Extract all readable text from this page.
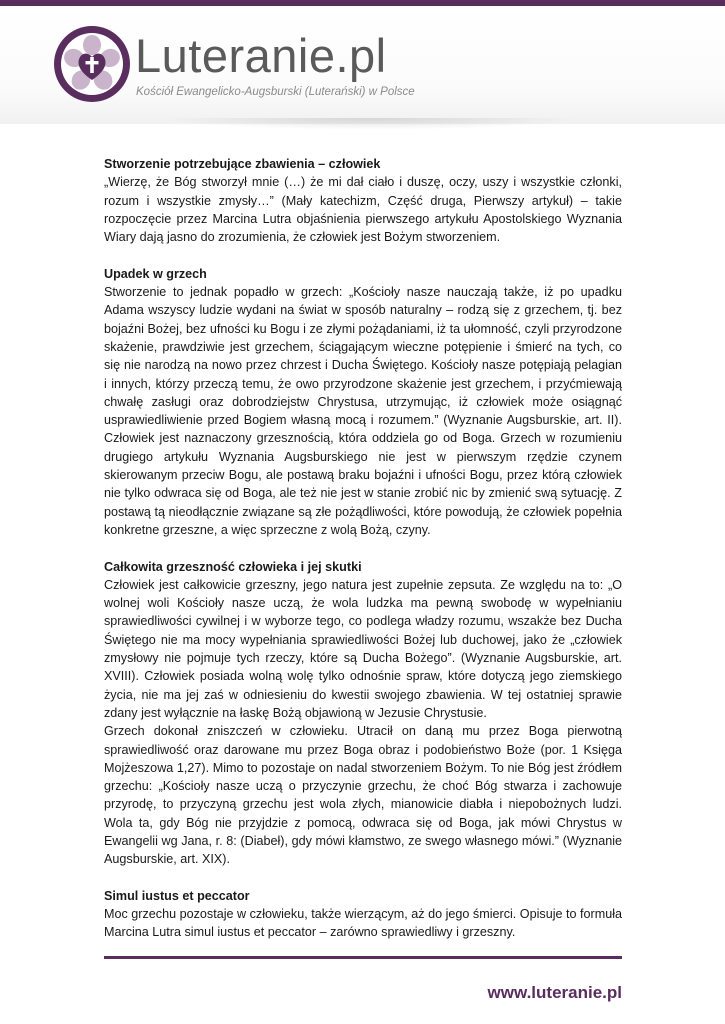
Luteranie.pl
Kościół Ewangelicko-Augsburski (Luterański) w Polsce
Stworzenie potrzebujące zbawienia – człowiek

„Wierzę, że Bóg stworzył mnie (…) że mi dał ciało i duszę, oczy, uszy i wszystkie członki, rozum i wszystkie zmysły…” (Mały katechizm, Część druga, Pierwszy artykuł) – takie rozpoczęcie przez Marcina Lutra objaśnienia pierwszego artykułu Apostolskiego Wyznania Wiary dają jasno do zrozumienia, że człowiek jest Bożym stworzeniem.

Upadek w grzech

Stworzenie to jednak popadło w grzech: „Kościoły nasze nauczają także, iż po upadku Adama wszyscy ludzie wydani na świat w sposób naturalny – rodzą się z grzechem, tj. bez bojaźni Bożej, bez ufności ku Bogu i ze złymi pożądaniami, iż ta ułomność, czyli przyrodzone skażenie, prawdziwie jest grzechem, ściągającym wieczne potępienie i śmierć na tych, co się nie narodzą na nowo przez chrzest i Ducha Świętego. Kościoły nasze potępiają pelagian i innych, którzy przeczą temu, że owo przyrodzone skażenie jest grzechem, i przyćmiewają chwałę zasługi oraz dobrodziejstw Chrystusa, utrzymując, iż człowiek może osiągnąć usprawiedliwienie przed Bogiem własną mocą i rozumem.” (Wyznanie Augsburskie, art. II). Człowiek jest naznaczony grzesznością, która oddziela go od Boga. Grzech w rozumieniu drugiego artykułu Wyznania Augsburskiego nie jest w pierwszym rzędzie czynem skierowanym przeciw Bogu, ale postawą braku bojaźni i ufności Bogu, przez którą człowiek nie tylko odwraca się od Boga, ale też nie jest w stanie zrobić nic by zmienić swą sytuację. Z postawą tą nieodłącznie związane są złe pożądliwości, które powodują, że człowiek popełnia konkretne grzeszne, a więc sprzeczne z wolą Bożą, czyny.

Całkowita grzeszność człowieka i jej skutki

Człowiek jest całkowicie grzeszny, jego natura jest zupełnie zepsuta. Ze względu na to: „O wolnej woli Kościoły nasze uczą, że wola ludzka ma pewną swobodę w wypełnianiu sprawiedliwości cywilnej i w wyborze tego, co podlega władzy rozumu, wszakże bez Ducha Świętego nie ma mocy wypełniania sprawiedliwości Bożej lub duchowej, jako że „człowiek zmysłowy nie pojmuje tych rzeczy, które są Ducha Bożego”. (Wyznanie Augsburskie, art. XVIII). Człowiek posiada wolną wolę tylko odnośnie spraw, które dotyczą jego ziemskiego życia, nie ma jej zaś w odniesieniu do kwestii swojego zbawienia. W tej ostatniej sprawie zdany jest wyłącznie na łaskę Bożą objawioną w Jezusie Chrystusie.

Grzech dokonał zniszczeń w człowieku. Utracił on daną mu przez Boga pierwotną sprawiedliwość oraz darowane mu przez Boga obraz i podobieństwo Boże (por. 1 Księga Mojżeszowa 1,27). Mimo to pozostaje on nadal stworzeniem Bożym. To nie Bóg jest źródłem grzechu: „Kościoły nasze uczą o przyczynie grzechu, że choć Bóg stwarza i zachowuje przyrodę, to przyczyną grzechu jest wola złych, mianowicie diabła i niepobożnych ludzi. Wola ta, gdy Bóg nie przyjdzie z pomocą, odwraca się od Boga, jak mówi Chrystus w Ewangelii wg Jana, r. 8: (Diabeł), gdy mówi kłamstwo, ze swego własnego mówi.” (Wyznanie Augsburskie, art. XIX).

Simul iustus et peccator

Moc grzechu pozostaje w człowieku, także wierzącym, aż do jego śmierci. Opisuje to formuła Marcina Lutra simul iustus et peccator – zarówno sprawiedliwy i grzeszny.

www.luteranie.pl
